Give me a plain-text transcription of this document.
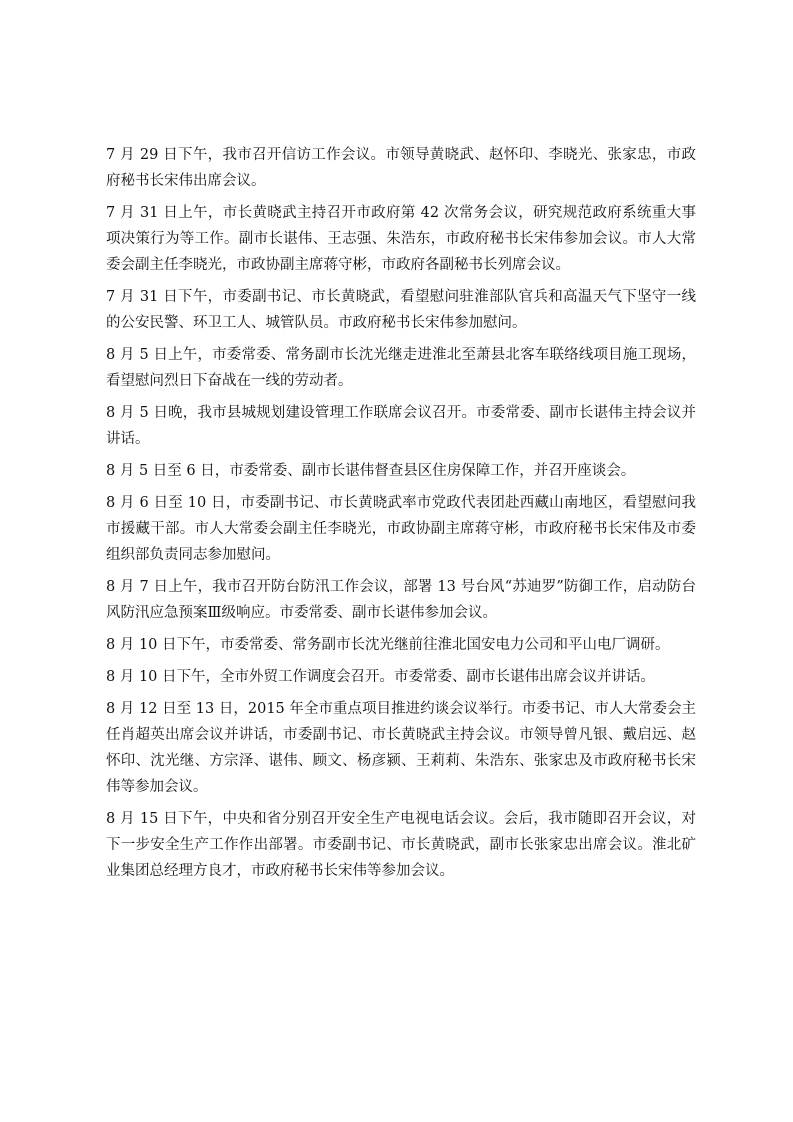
7 月 29 日下午，我市召开信访工作会议。市领导黄晓武、赵怀印、李晓光、张家忠，市政府秘书长宋伟出席会议。

7 月 31 日上午，市长黄晓武主持召开市政府第 42 次常务会议，研究规范政府系统重大事项决策行为等工作。副市长谌伟、王志强、朱浩东，市政府秘书长宋伟参加会议。市人大常委会副主任李晓光，市政协副主席蒋守彬，市政府各副秘书长列席会议。

7 月 31 日下午，市委副书记、市长黄晓武，看望慰问驻淮部队官兵和高温天气下坚守一线的公安民警、环卫工人、城管队员。市政府秘书长宋伟参加慰问。

8 月 5 日上午，市委常委、常务副市长沈光继走进淮北至萧县北客车联络线项目施工现场，看望慰问烈日下奋战在一线的劳动者。

8 月 5 日晚，我市县城规划建设管理工作联席会议召开。市委常委、副市长谌伟主持会议并讲话。

8 月 5 日至 6 日，市委常委、副市长谌伟督查县区住房保障工作，并召开座谈会。

8 月 6 日至 10 日，市委副书记、市长黄晓武率市党政代表团赴西藏山南地区，看望慰问我市援藏干部。市人大常委会副主任李晓光，市政协副主席蒋守彬，市政府秘书长宋伟及市委组织部负责同志参加慰问。

8 月 7 日上午，我市召开防台防汛工作会议，部署 13 号台风“苏迪罗”防御工作，启动防台风防汛应急预案Ⅲ级响应。市委常委、副市长谌伟参加会议。

8 月 10 日下午，市委常委、常务副市长沈光继前往淮北国安电力公司和平山电厂调研。

8 月 10 日下午，全市外贸工作调度会召开。市委常委、副市长谌伟出席会议并讲话。

8 月 12 日至 13 日，2015 年全市重点项目推进约谈会议举行。市委书记、市人大常委会主任肖超英出席会议并讲话，市委副书记、市长黄晓武主持会议。市领导曾凡银、戴启远、赵怀印、沈光继、方宗泽、谌伟、顾文、杨彦颍、王莉莉、朱浩东、张家忠及市政府秘书长宋伟等参加会议。

8 月 15 日下午，中央和省分别召开安全生产电视电话会议。会后，我市随即召开会议，对下一步安全生产工作作出部署。市委副书记、市长黄晓武，副市长张家忠出席会议。淮北矿业集团总经理方良才，市政府秘书长宋伟等参加会议。
